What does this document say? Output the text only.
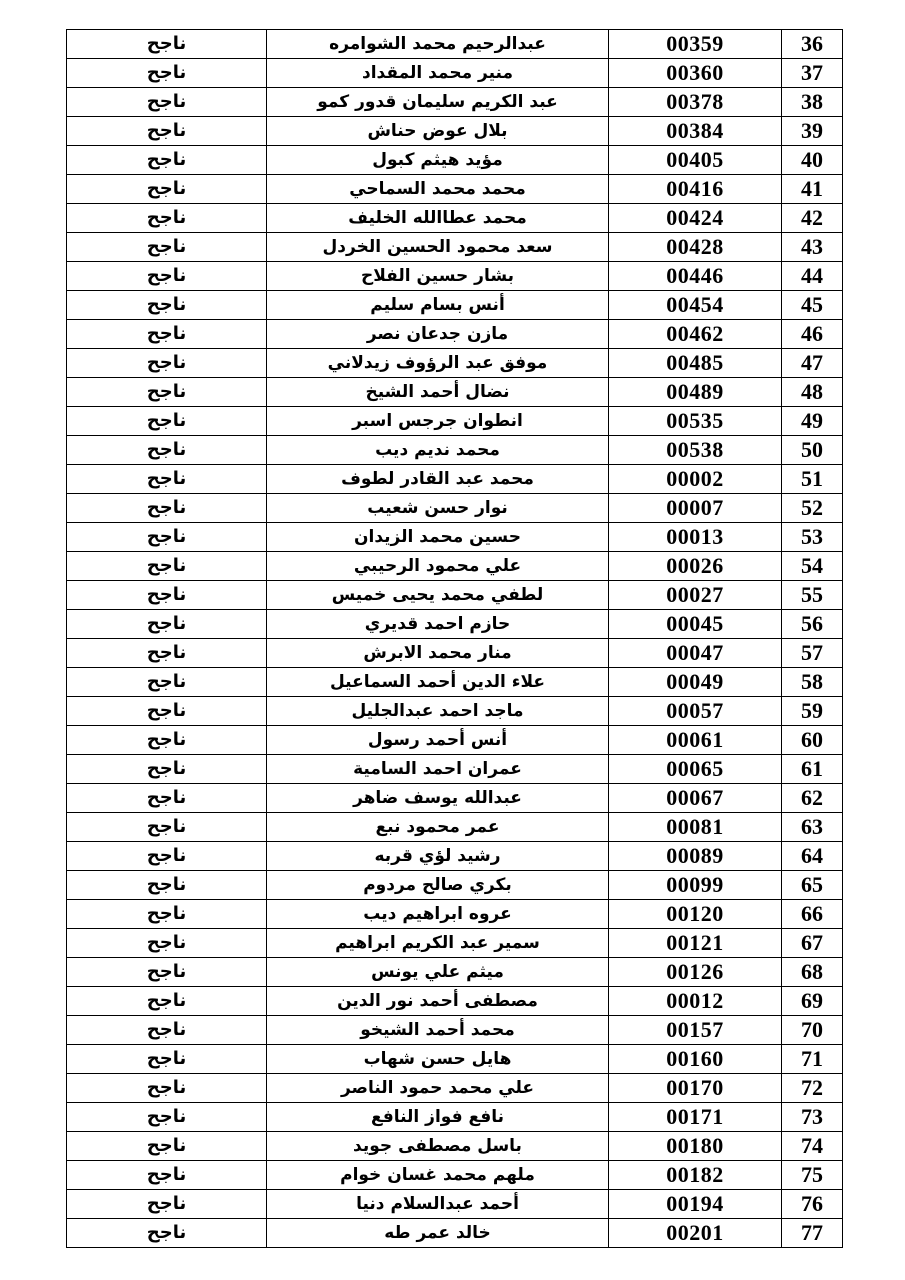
ناجح	عبدالرحيم محمد الشوامره	00359	36
ناجح	منير محمد المقداد	00360	37
ناجح	عبد الكريم سليمان قدور كمو	00378	38
ناجح	بلال عوض حناش	00384	39
ناجح	مؤيد هيثم كبول	00405	40
ناجح	محمد محمد السماحي	00416	41
ناجح	محمد عطاالله الخليف	00424	42
ناجح	سعد محمود الحسين الخردل	00428	43
ناجح	بشار حسين الفلاح	00446	44
ناجح	أنس بسام سليم	00454	45
ناجح	مازن جدعان نصر	00462	46
ناجح	موفق عبد الرؤوف زيدلاني	00485	47
ناجح	نضال أحمد الشيخ	00489	48
ناجح	انطوان جرجس اسبر	00535	49
ناجح	محمد نديم ديب	00538	50
ناجح	محمد عبد القادر لطوف	00002	51
ناجح	نوار حسن شعيب	00007	52
ناجح	حسين محمد الزيدان	00013	53
ناجح	علي محمود الرحيبي	00026	54
ناجح	لطفي محمد يحيى خميس	00027	55
ناجح	حازم احمد قديري	00045	56
ناجح	منار محمد الابرش	00047	57
ناجح	علاء الدين أحمد السماعيل	00049	58
ناجح	ماجد احمد عبدالجليل	00057	59
ناجح	أنس أحمد رسول	00061	60
ناجح	عمران احمد السامية	00065	61
ناجح	عبدالله يوسف ضاهر	00067	62
ناجح	عمر محمود نبع	00081	63
ناجح	رشيد لؤي قربه	00089	64
ناجح	بكري صالح مردوم	00099	65
ناجح	عروه ابراهيم ديب	00120	66
ناجح	سمير عبد الكريم ابراهيم	00121	67
ناجح	ميثم علي يونس	00126	68
ناجح	مصطفى أحمد نور الدين	00012	69
ناجح	محمد أحمد الشيخو	00157	70
ناجح	هايل حسن شهاب	00160	71
ناجح	علي محمد حمود الناصر	00170	72
ناجح	نافع فواز النافع	00171	73
ناجح	باسل مصطفى جويد	00180	74
ناجح	ملهم محمد غسان خوام	00182	75
ناجح	أحمد عبدالسلام دنيا	00194	76
ناجح	خالد عمر طه	00201	77
